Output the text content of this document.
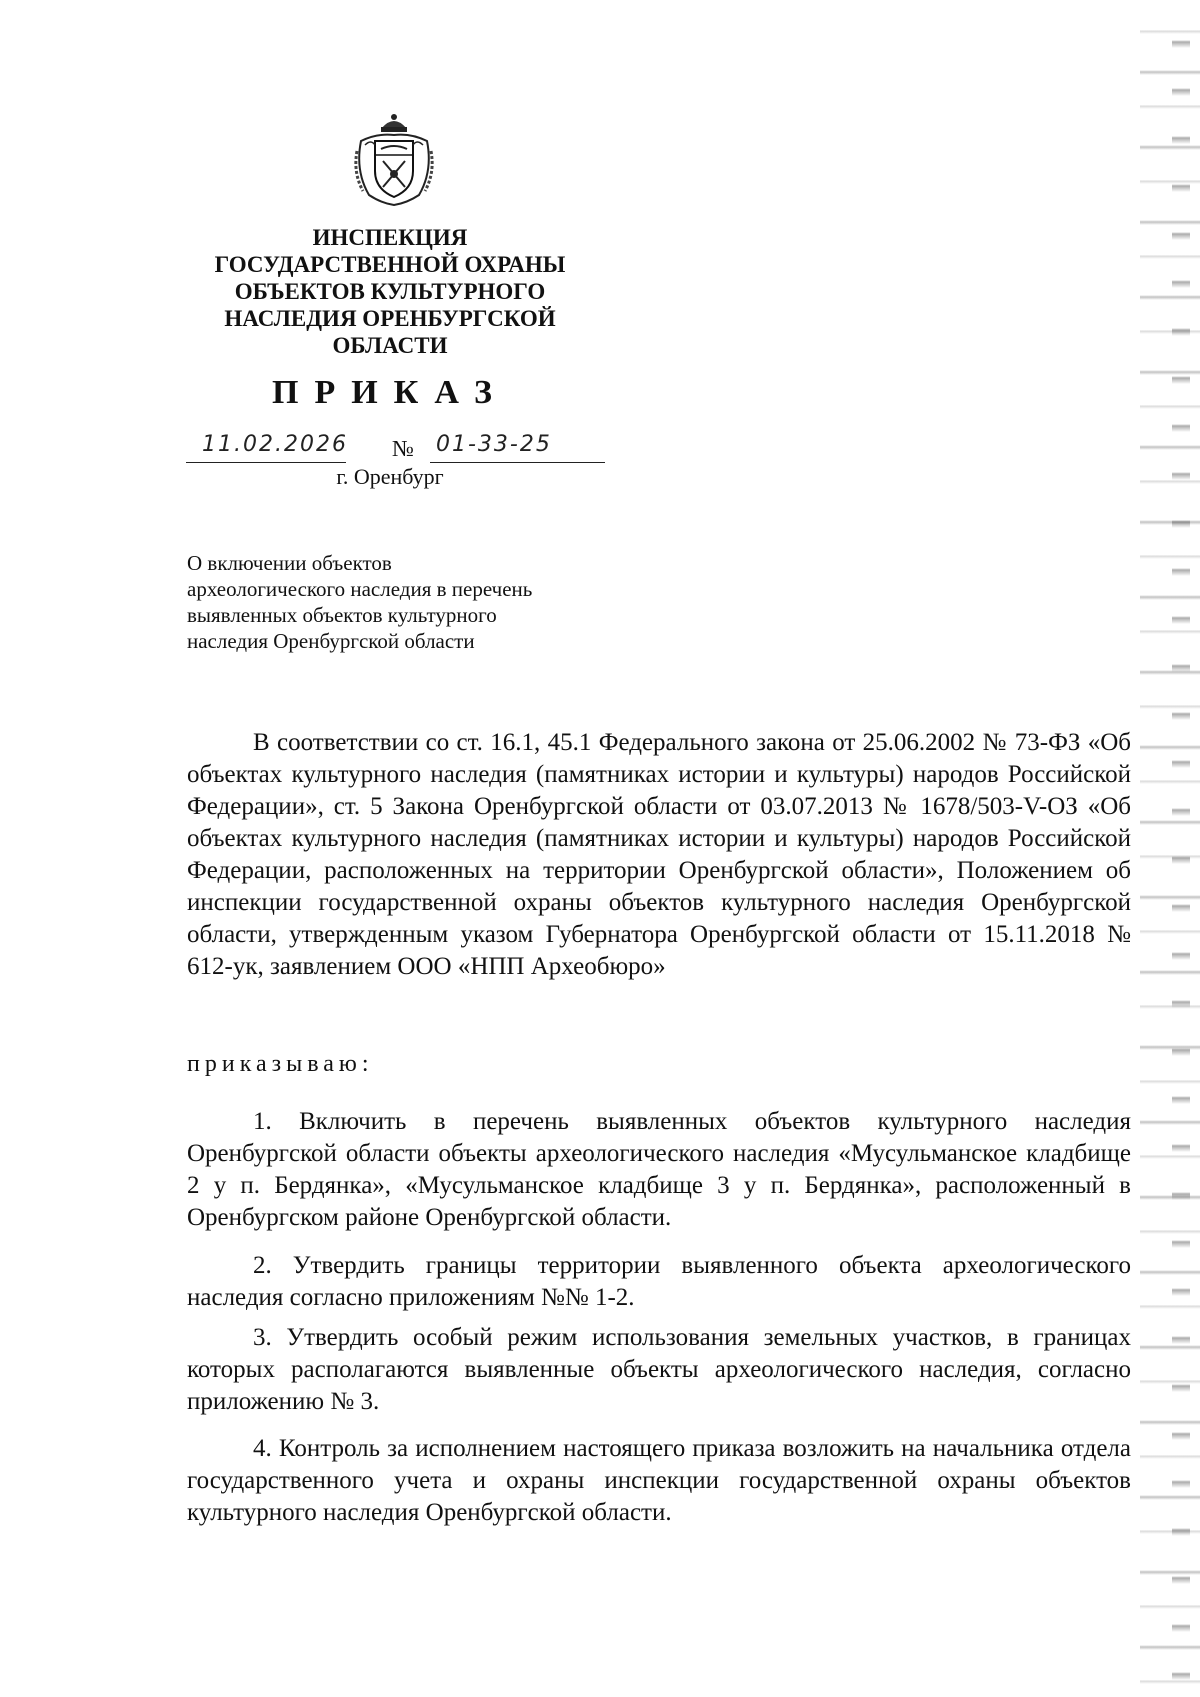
ИНСПЕКЦИЯ
ГОСУДАРСТВЕННОЙ ОХРАНЫ
ОБЪЕКТОВ КУЛЬТУРНОГО
НАСЛЕДИЯ ОРЕНБУРГСКОЙ
ОБЛАСТИ
ПРИКАЗ
11.02.2026 № 01-33-25
г. Оренбург
О включении объектов
археологического наследия в перечень
выявленных объектов культурного
наследия Оренбургской области
В соответствии со ст. 16.1, 45.1 Федерального закона от 25.06.2002 № 73-ФЗ «Об объектах культурного наследия (памятниках истории и культуры) народов Российской Федерации», ст. 5 Закона Оренбургской области от 03.07.2013 № 1678/503-V-ОЗ «Об объектах культурного наследия (памятниках истории и культуры) народов Российской Федерации, расположенных на территории Оренбургской области», Положением об инспекции государственной охраны объектов культурного наследия Оренбургской области, утвержденным указом Губернатора Оренбургской области от 15.11.2018 № 612-ук, заявлением ООО «НПП Археобюро»
приказываю:
1. Включить в перечень выявленных объектов культурного наследия Оренбургской области объекты археологического наследия «Мусульманское кладбище 2 у п. Бердянка», «Мусульманское кладбище 3 у п. Бердянка», расположенный в Оренбургском районе Оренбургской области.
2. Утвердить границы территории выявленного объекта археологического наследия согласно приложениям №№ 1-2.
3. Утвердить особый режим использования земельных участков, в границах которых располагаются выявленные объекты археологического наследия, согласно приложению № 3.
4. Контроль за исполнением настоящего приказа возложить на начальника отдела государственного учета и охраны инспекции государственной охраны объектов культурного наследия Оренбургской области.
